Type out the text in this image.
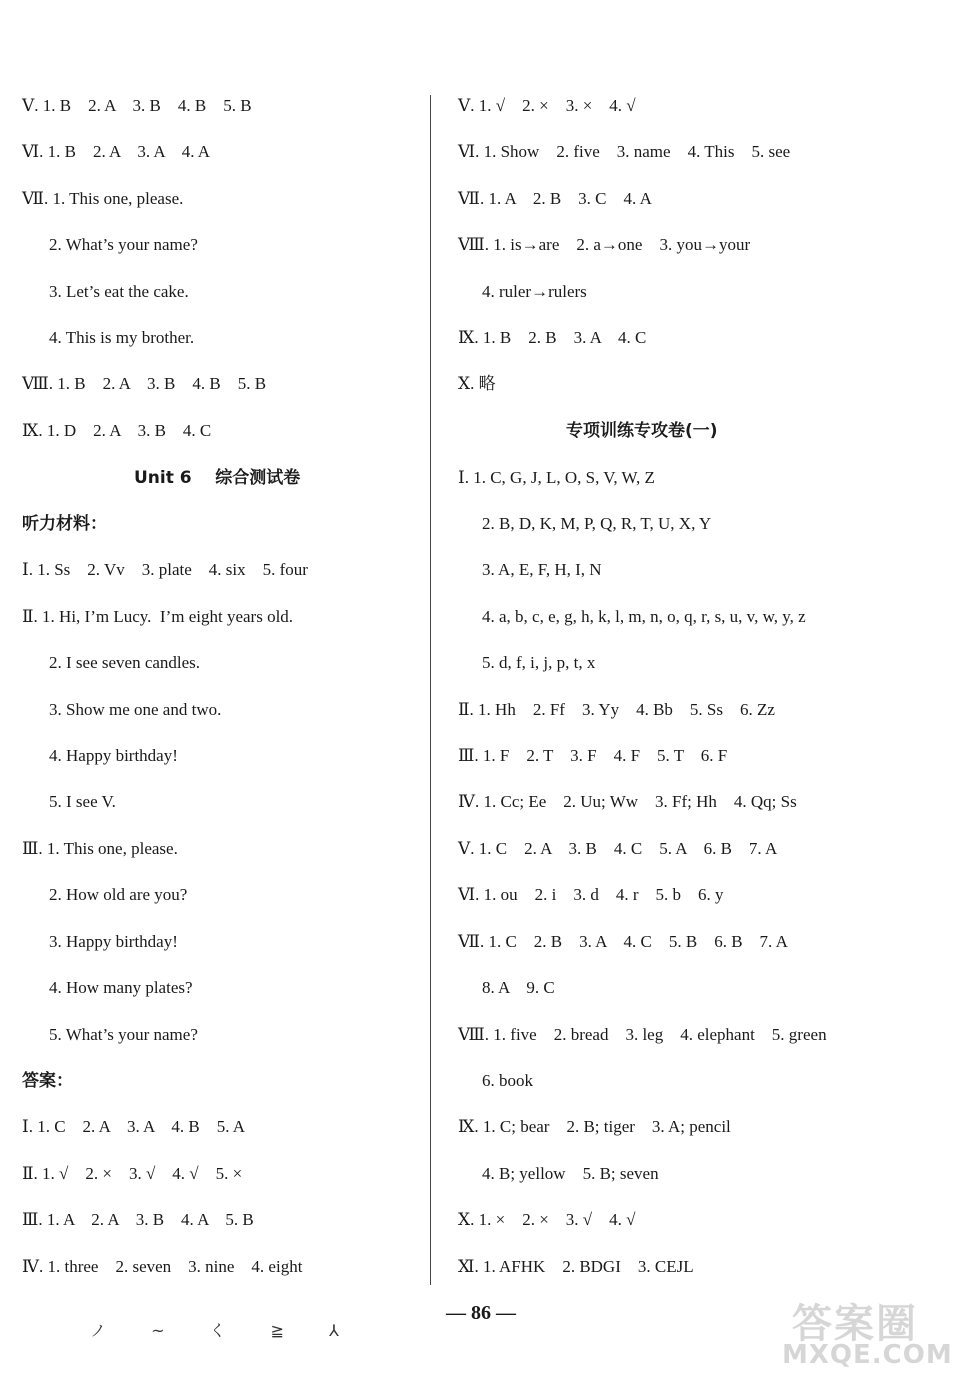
Ⅴ. 1. B    2. A    3. B    4. B    5. B
Ⅵ. 1. B    2. A    3. A    4. A
Ⅶ. 1. This one, please.
2. What’s your name?
3. Let’s eat the cake.
4. This is my brother.
Ⅷ. 1. B    2. A    3. B    4. B    5. B
Ⅸ. 1. D    2. A    3. B    4. C
Unit 6    综合测试卷
听力材料：
Ⅰ. 1. Ss    2. Vv    3. plate    4. six    5. four
Ⅱ. 1. Hi, I’m Lucy.  I’m eight years old.
2. I see seven candles.
3. Show me one and two.
4. Happy birthday!
5. I see V.
Ⅲ. 1. This one, please.
2. How old are you?
3. Happy birthday!
4. How many plates?
5. What’s your name?
答案：
Ⅰ. 1. C    2. A    3. A    4. B    5. A
Ⅱ. 1. √    2. ×    3. √    4. √    5. ×
Ⅲ. 1. A    2. A    3. B    4. A    5. B
Ⅳ. 1. three    2. seven    3. nine    4. eight
Ⅴ. 1. √    2. ×    3. ×    4. √
Ⅵ. 1. Show    2. five    3. name    4. This    5. see
Ⅶ. 1. A    2. B    3. C    4. A
Ⅷ. 1. is→are    2. a→one    3. you→your
4. ruler→rulers
Ⅸ. 1. B    2. B    3. A    4. C
Ⅹ. 略
专项训练专攻卷(一)
Ⅰ. 1. C, G, J, L, O, S, V, W, Z
2. B, D, K, M, P, Q, R, T, U, X, Y
3. A, E, F, H, I, N
4. a, b, c, e, g, h, k, l, m, n, o, q, r, s, u, v, w, y, z
5. d, f, i, j, p, t, x
Ⅱ. 1. Hh    2. Ff    3. Yy    4. Bb    5. Ss    6. Zz
Ⅲ. 1. F    2. T    3. F    4. F    5. T    6. F
Ⅳ. 1. Cc; Ee    2. Uu; Ww    3. Ff; Hh    4. Qq; Ss
Ⅴ. 1. C    2. A    3. B    4. C    5. A    6. B    7. A
Ⅵ. 1. ou    2. i    3. d    4. r    5. b    6. y
Ⅶ. 1. C    2. B    3. A    4. C    5. B    6. B    7. A
8. A    9. C
Ⅷ. 1. five    2. bread    3. leg    4. elephant    5. green
6. book
Ⅸ. 1. C; bear    2. B; tiger    3. A; pencil
4. B; yellow    5. B; seven
Ⅹ. 1. ×    2. ×    3. √    4. √
Ⅺ. 1. AFHK    2. BDGI    3. CEJL
— 86 —
ノ ~ く ≧ ⅄	答案圈
MXQE.COM
